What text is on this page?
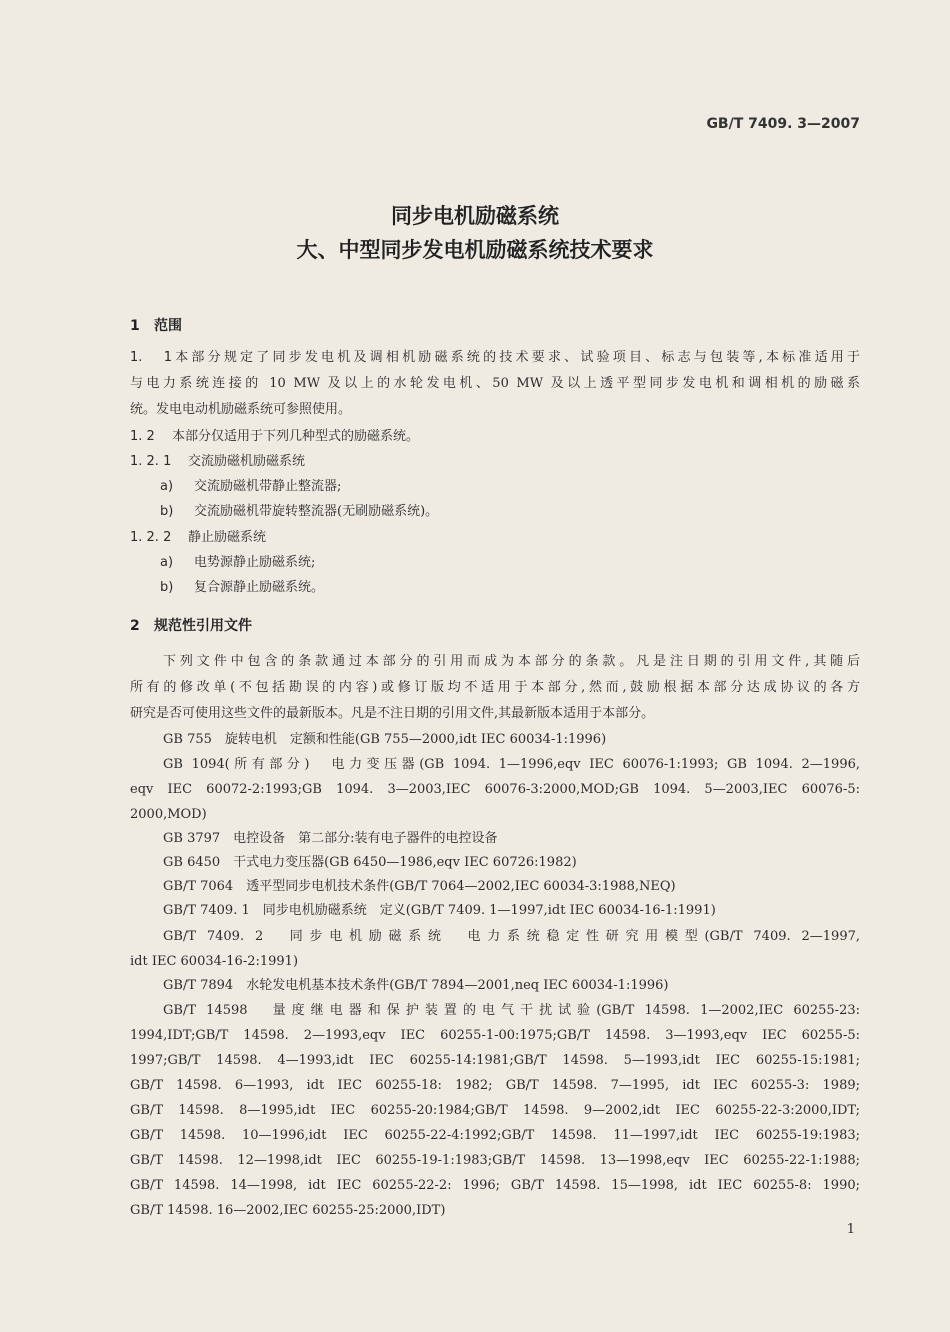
GB/T 7409. 3—2007
同步电机励磁系统
大、中型同步发电机励磁系统技术要求
1 范围
1. 1本部分规定了同步发电机及调相机励磁系统的技术要求、试验项目、标志与包装等,本标准适用于
与电力系统连接的 10 MW 及以上的水轮发电机、50 MW 及以上透平型同步发电机和调相机的励磁系
统。发电电动机励磁系统可参照使用。
1. 2 本部分仅适用于下列几种型式的励磁系统。
1. 2. 1 交流励磁机励磁系统
a) 交流励磁机带静止整流器;
b) 交流励磁机带旋转整流器(无刷励磁系统)。
1. 2. 2 静止励磁系统
a) 电势源静止励磁系统;
b) 复合源静止励磁系统。
2 规范性引用文件
下列文件中包含的条款通过本部分的引用而成为本部分的条款。凡是注日期的引用文件,其随后
所有的修改单(不包括勘误的内容)或修订版均不适用于本部分,然而,鼓励根据本部分达成协议的各方
研究是否可使用这些文件的最新版本。凡是不注日期的引用文件,其最新版本适用于本部分。
GB 755　旋转电机　定额和性能(GB 755—2000,idt IEC 60034-1:1996)
GB 1094(所有部分)　电力变压器(GB 1094. 1—1996,eqv IEC 60076-1:1993; GB 1094. 2—1996,
eqv IEC 60072-2:1993;GB 1094. 3—2003,IEC 60076-3:2000,MOD;GB 1094. 5—2003,IEC 60076-5:
2000,MOD)
GB 3797　电控设备　第二部分:装有电子器件的电控设备
GB 6450　干式电力变压器(GB 6450—1986,eqv IEC 60726:1982)
GB/T 7064　透平型同步电机技术条件(GB/T 7064—2002,IEC 60034-3:1988,NEQ)
GB/T 7409. 1　同步电机励磁系统　定义(GB/T 7409. 1—1997,idt IEC 60034-16-1:1991)
GB/T 7409. 2　同步电机励磁系统　电力系统稳定性研究用模型(GB/T 7409. 2—1997,
idt IEC 60034-16-2:1991)
GB/T 7894　水轮发电机基本技术条件(GB/T 7894—2001,neq IEC 60034-1:1996)
GB/T 14598　量度继电器和保护装置的电气干扰试验(GB/T 14598. 1—2002,IEC 60255-23:
1994,IDT;GB/T 14598. 2—1993,eqv IEC 60255-1-00:1975;GB/T 14598. 3—1993,eqv IEC 60255-5:
1997;GB/T 14598. 4—1993,idt IEC 60255-14:1981;GB/T 14598. 5—1993,idt IEC 60255-15:1981;
GB/T 14598. 6—1993, idt IEC 60255-18: 1982; GB/T 14598. 7—1995, idt IEC 60255-3: 1989;
GB/T 14598. 8—1995,idt IEC 60255-20:1984;GB/T 14598. 9—2002,idt IEC 60255-22-3:2000,IDT;
GB/T 14598. 10—1996,idt IEC 60255-22-4:1992;GB/T 14598. 11—1997,idt IEC 60255-19:1983;
GB/T 14598. 12—1998,idt IEC 60255-19-1:1983;GB/T 14598. 13—1998,eqv IEC 60255-22-1:1988;
GB/T 14598. 14—1998, idt IEC 60255-22-2: 1996; GB/T 14598. 15—1998, idt IEC 60255-8: 1990;
GB/T 14598. 16—2002,IEC 60255-25:2000,IDT)
1
